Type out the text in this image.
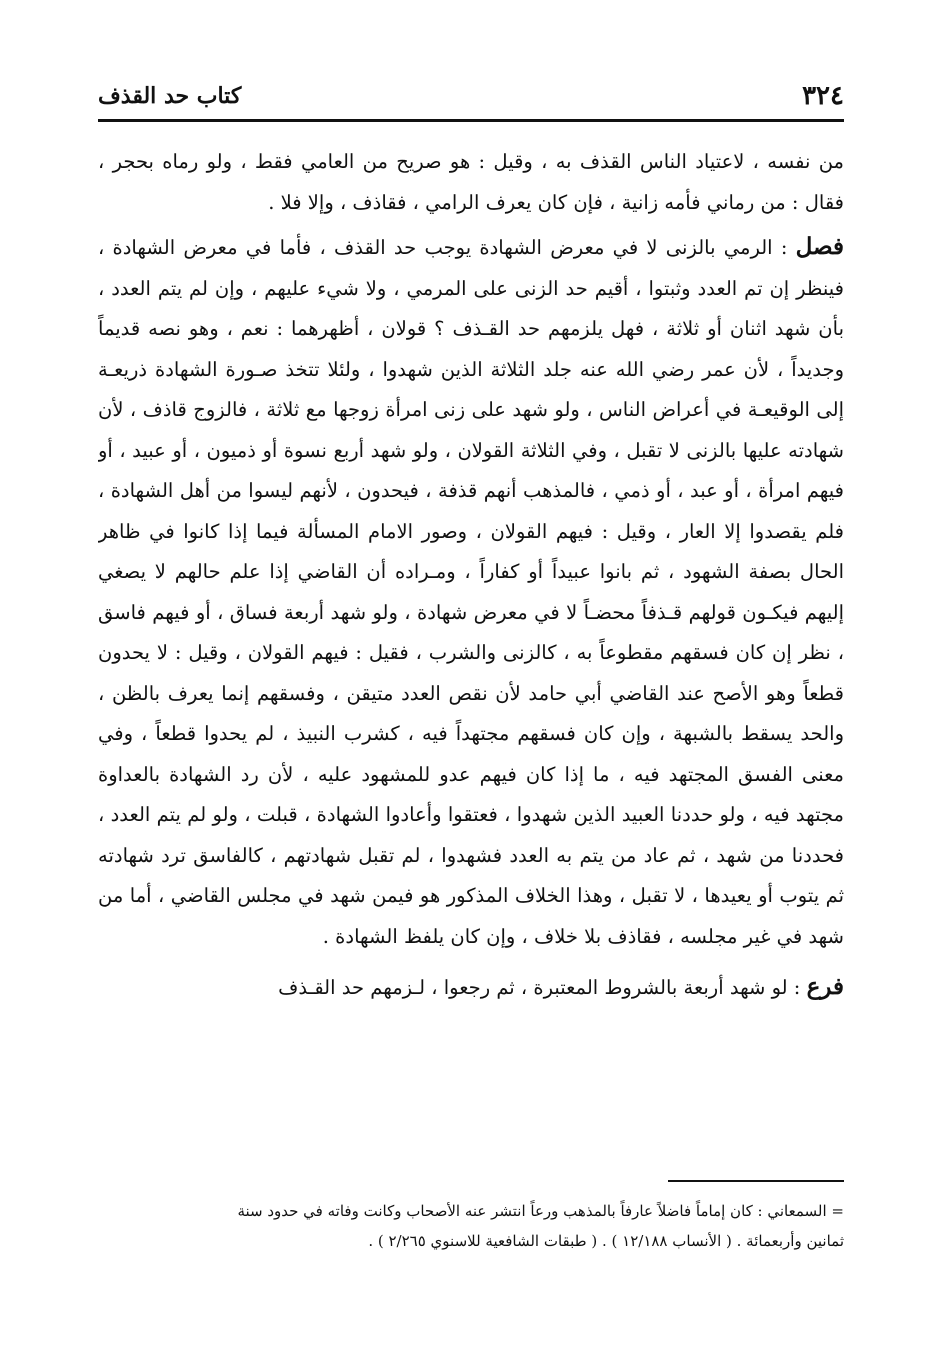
٣٢٤
كتاب حد القذف

من نفسه ، لاعتياد الناس القذف به ، وقيل : هو صريح من العامي فقط ، ولو رماه بحجر ، فقال : من رماني فأمه زانية ، فإن كان يعرف الرامي ، فقاذف ، وإلا فلا .

فصل : الرمي بالزنى لا في معرض الشهادة يوجب حد القذف ، فأما في معرض الشهادة ، فينظر إن تم العدد وثبتوا ، أقيم حد الزنى على المرمي ، ولا شيء عليهم ، وإن لم يتم العدد ، بأن شهد اثنان أو ثلاثة ، فهل يلزمهم حد القـذف ؟ قولان ، أظهرهما : نعم ، وهو نصه قديماً وجديداً ، لأن عمر رضي الله عنه جلد الثلاثة الذين شهدوا ، ولئلا تتخذ صـورة الشهادة ذريعـة إلى الوقيعـة في أعراض الناس ، ولو شهد على زنى امرأة زوجها مع ثلاثة ، فالزوج قاذف ، لأن شهادته عليها بالزنى لا تقبل ، وفي الثلاثة القولان ، ولو شهد أربع نسوة أو ذميون ، أو عبيد ، أو فيهم امرأة ، أو عبد ، أو ذمي ، فالمذهب أنهم قذفة ، فيحدون ، لأنهم ليسوا من أهل الشهادة ، فلم يقصدوا إلا العار ، وقيل : فيهم القولان ، وصور الامام المسألة فيما إذا كانوا في ظاهر الحال بصفة الشهود ، ثم بانوا عبيداً أو كفاراً ، ومـراده أن القاضي إذا علم حالهم لا يصغي إليهم فيكـون قولهم قـذفاً محضـاً لا في معرض شهادة ، ولو شهد أربعة فساق ، أو فيهم فاسق ، نظر إن كان فسقهم مقطوعاً به ، كالزنى والشرب ، فقيل : فيهم القولان ، وقيل : لا يحدون قطعاً وهو الأصح عند القاضي أبي حامد لأن نقص العدد متيقن ، وفسقهم إنما يعرف بالظن ، والحد يسقط بالشبهة ، وإن كان فسقهم مجتهداً فيه ، كشرب النبيذ ، لم يحدوا قطعاً ، وفي معنى الفسق المجتهد فيه ، ما إذا كان فيهم عدو للمشهود عليه ، لأن رد الشهادة بالعداوة مجتهد فيه ، ولو حددنا العبيد الذين شهدوا ، فعتقوا وأعادوا الشهادة ، قبلت ، ولو لم يتم العدد ، فحددنا من شهد ، ثم عاد من يتم به العدد فشهدوا ، لم تقبل شهادتهم ، كالفاسق ترد شهادته ثم يتوب أو يعيدها ، لا تقبل ، وهذا الخلاف المذكور هو فيمن شهد في مجلس القاضي ، أما من شهد في غير مجلسه ، فقاذف بلا خلاف ، وإن كان يلفظ الشهادة .

فرع : لو شهد أربعة بالشروط المعتبرة ، ثم رجعوا ، لـزمهم حد القـذف

= السمعاني : كان إماماً فاضلاً عارفاً بالمذهب ورعاً انتشر عنه الأصحاب وكانت وفاته في حدود سنة

ثمانين وأربعمائة . ( الأنساب ١٢/١٨٨ ) . ( طبقات الشافعية للاسنوي ٢/٢٦٥ ) .
